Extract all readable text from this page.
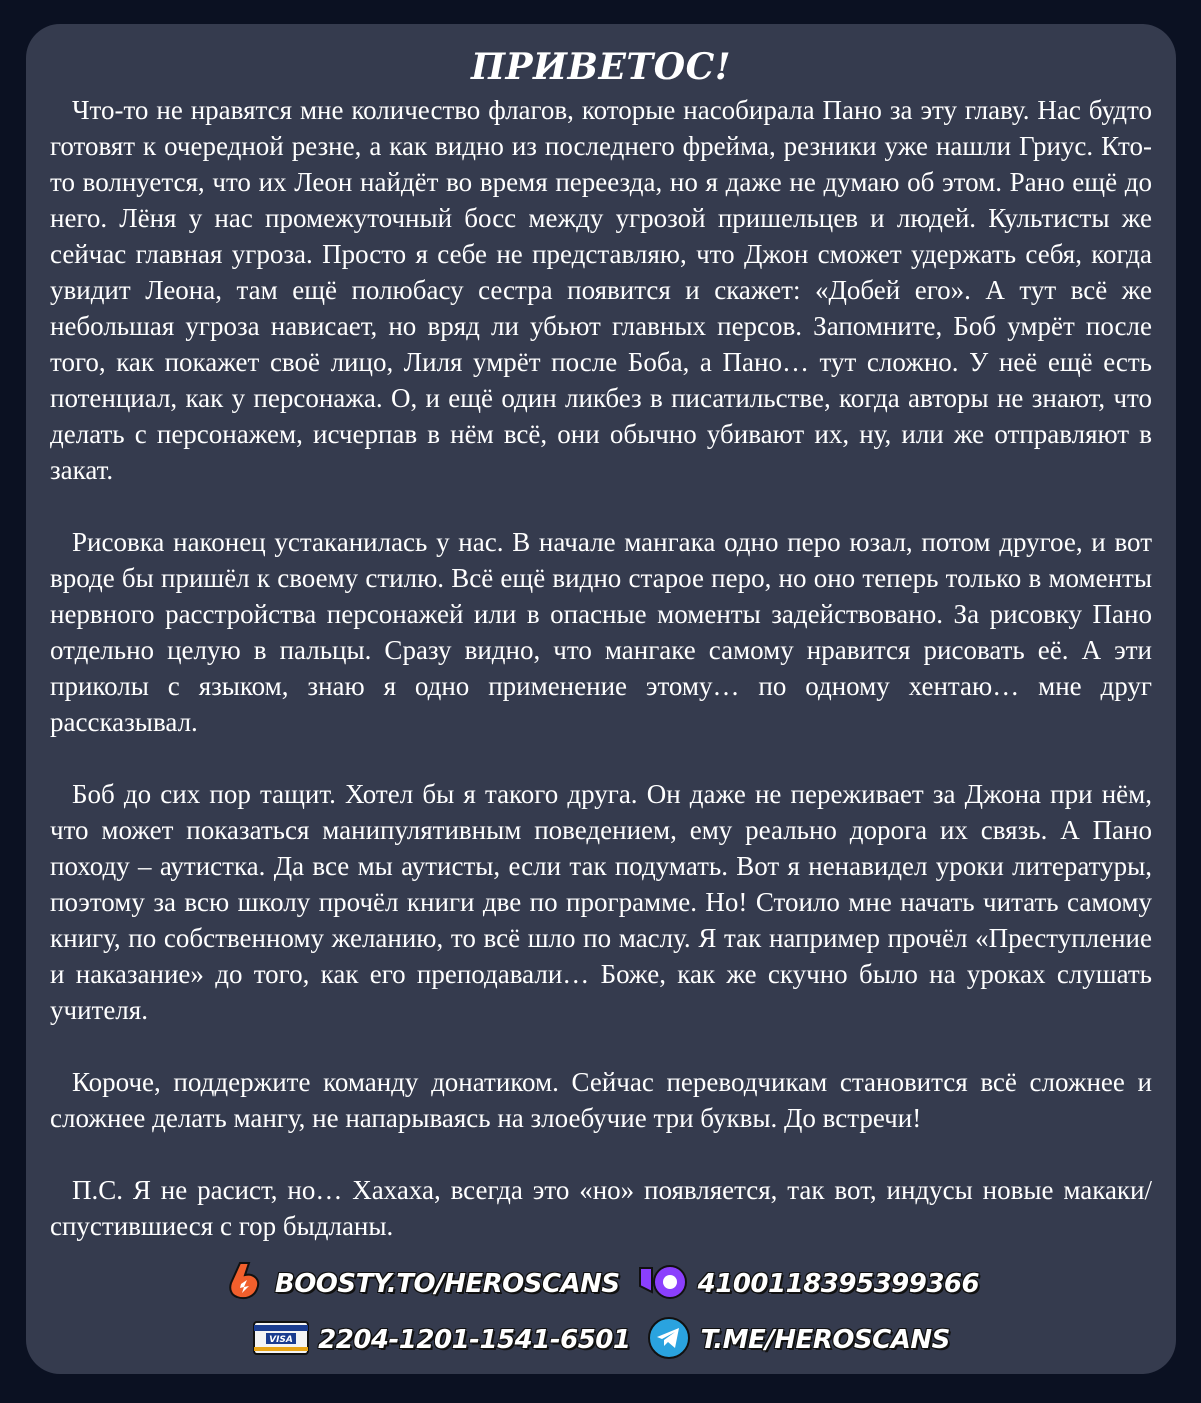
ПРИВЕТОС!

Что-то не нравятся мне количество флагов, которые насобирала Пано за эту главу. Нас будто готовят к очередной резне, а как видно из последнего фрейма, резники уже нашли Гриус. Кто-то волнуется, что их Леон найдёт во время переезда, но я даже не думаю об этом. Рано ещё до него. Лёня у нас промежуточный босс между угрозой пришельцев и людей. Культисты же сейчас главная угроза. Просто я себе не представляю, что Джон сможет удержать себя, когда увидит Леона, там ещё полюбасу сестра появится и скажет: «Добей его». А тут всё же небольшая угроза нависает, но вряд ли убьют главных персов. Запомните, Боб умрёт после того, как покажет своё лицо, Лиля умрёт после Боба, а Пано… тут сложно. У неё ещё есть потенциал, как у персонажа. О, и ещё один ликбез в писатильстве, когда авторы не знают, что делать с персонажем, исчерпав в нём всё, они обычно убивают их, ну, или же отправляют в закат.

Рисовка наконец устаканилась у нас. В начале мангака одно перо юзал, потом другое, и вот вроде бы пришёл к своему стилю. Всё ещё видно старое перо, но оно теперь только в моменты нервного расстройства персонажей или в опасные моменты задействовано. За рисовку Пано отдельно целую в пальцы. Сразу видно, что мангаке самому нравится рисовать её. А эти приколы с языком, знаю я одно применение этому… по одному хентаю… мне друг рассказывал.

Боб до сих пор тащит. Хотел бы я такого друга. Он даже не переживает за Джона при нём, что может показаться манипулятивным поведением, ему реально дорога их связь. А Пано походу – аутистка. Да все мы аутисты, если так подумать. Вот я ненавидел уроки литературы, поэтому за всю школу прочёл книги две по программе. Но! Стоило мне начать читать самому книгу, по собственному желанию, то всё шло по маслу. Я так например прочёл «Преступление и наказание» до того, как его преподавали… Боже, как же скучно было на уроках слушать учителя.

Короче, поддержите команду донатиком. Сейчас переводчикам становится всё сложнее и сложнее делать мангу, не напарываясь на злоебучие три буквы. До встречи!

П.С. Я не расист, но… Хахаха, всегда это «но» появляется, так вот, индусы новые макаки/спустившиеся с гор быдланы.

BOOSTY.TO/HEROSCANS	4100118395399366
VISA 2204-1201-1541-6501	T.ME/HEROSCANS
